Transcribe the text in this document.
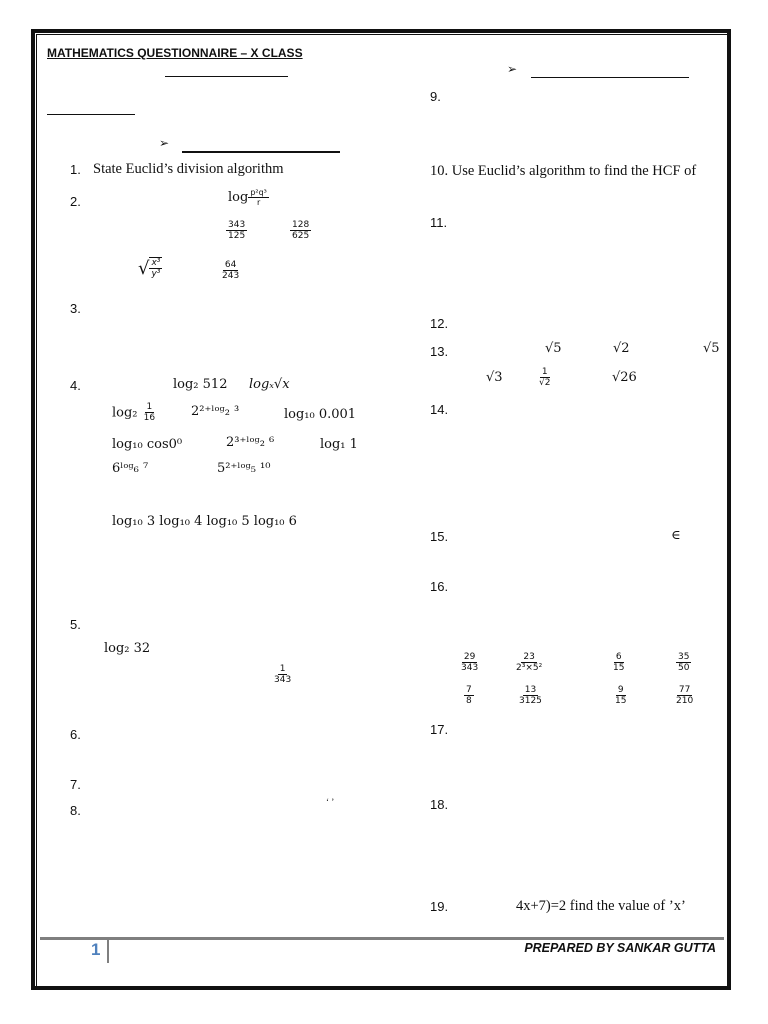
MATHEMATICS QUESTIONNAIRE – X CLASS
➢
1. State Euclid’s division algorithm
2.	$\log \frac{\text{p²q³}}{r}$
$\frac{343}{125}$	$\frac{128}{625}$
√ $\frac{\text{x³}}{\text{y³}}$	$\frac{64}{243}$
3.
4.	log₂ 512 logₓ√x
$\log_2 \frac{1}{16}$	2²⁺ˡᵒᵍ₂ ³	log₁₀ 0.001
log₁₀ cos0⁰	2³⁺ˡᵒᵍ₂ ⁶	log₁ 1
6ˡᵒᵍ₆ ⁷	5²⁺ˡᵒᵍ₅ ¹⁰
log₁₀ 3 log₁₀ 4 log₁₀ 5 log₁₀ 6
5.
log₂ 32
$\frac{1}{343}$
6.
7.
8.
‘ ’
➢
9.
10. Use Euclid’s algorithm to find the HCF of
11.
12.
13.	√5	√2	√5
√3	$\frac{1}{√2}$	√26
14.
15.	∈
16.
$\frac{29}{343}$	$\frac{23}{\text{2³×5²}}$	$\frac{6}{15}$	$\frac{35}{50}$
$\frac{7}{8}$	$\frac{13}{3125}$	$\frac{9}{15}$	$\frac{77}{210}$
17.
18.
19.	4x+7)=2 find the value of ’x’
1	PREPARED BY SANKAR GUTTA
